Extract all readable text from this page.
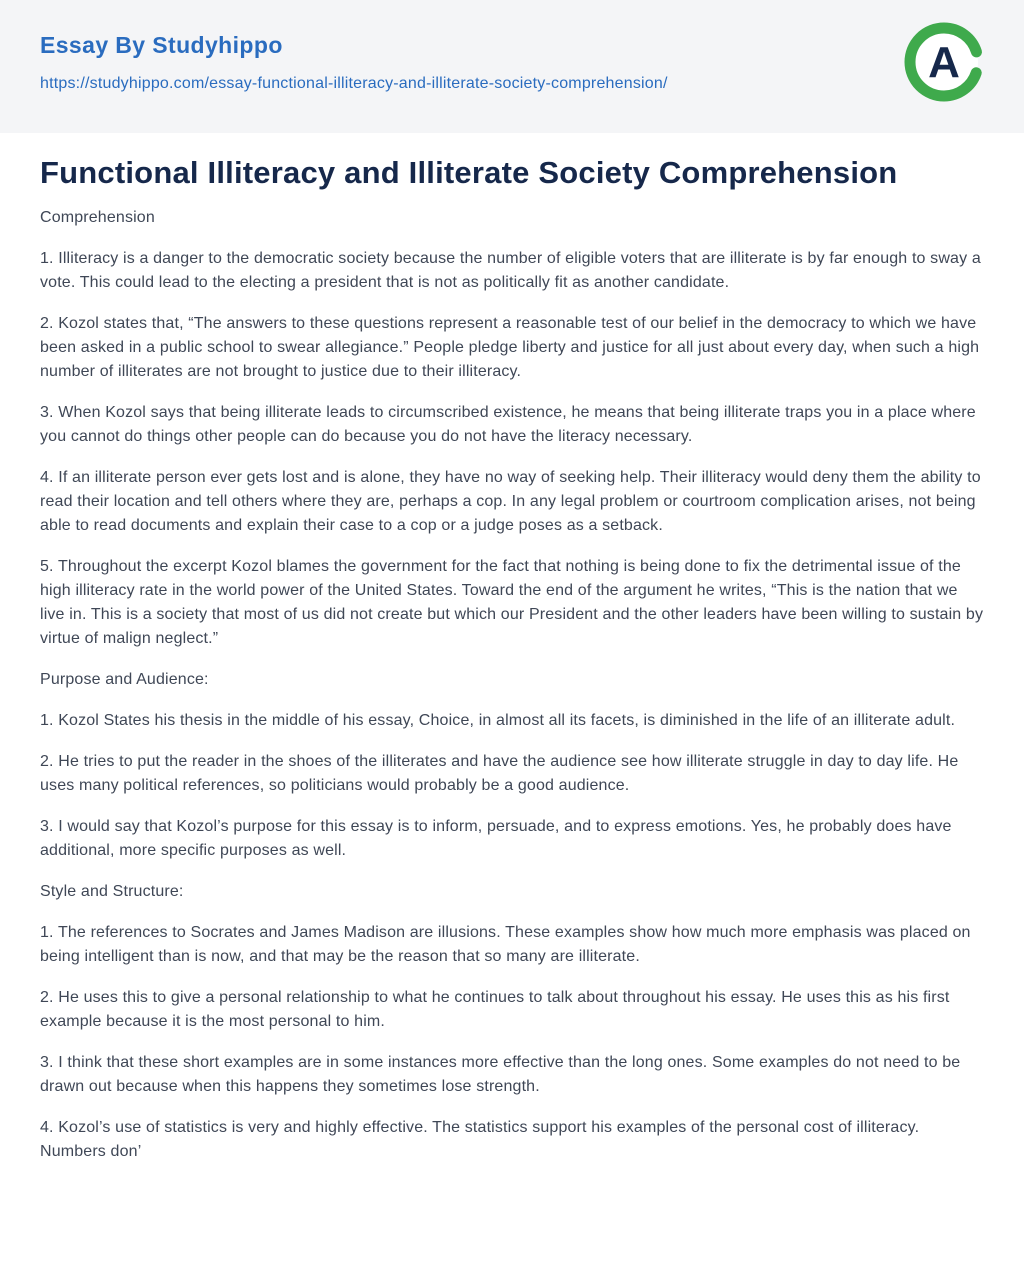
Essay By Studyhippo
https://studyhippo.com/essay-functional-illiteracy-and-illiterate-society-comprehension/	A
Functional Illiteracy and Illiterate Society Comprehension

Comprehension

1. Illiteracy is a danger to the democratic society because the number of eligible voters that are illiterate is by far enough to sway a vote. This could lead to the electing a president that is not as politically fit as another candidate.

2. Kozol states that, “The answers to these questions represent a reasonable test of our belief in the democracy to which we have been asked in a public school to swear allegiance.” People pledge liberty and justice for all just about every day, when such a high number of illiterates are not brought to justice due to their illiteracy.

3. When Kozol says that being illiterate leads to circumscribed existence, he means that being illiterate traps you in a place where you cannot do things other people can do because you do not have the literacy necessary.

4. If an illiterate person ever gets lost and is alone, they have no way of seeking help. Their illiteracy would deny them the ability to read their location and tell others where they are, perhaps a cop. In any legal problem or courtroom complication arises, not being able to read documents and explain their case to a cop or a judge poses as a setback.

5. Throughout the excerpt Kozol blames the government for the fact that nothing is being done to fix the detrimental issue of the high illiteracy rate in the world power of the United States. Toward the end of the argument he writes, “This is the nation that we live in. This is a society that most of us did not create but which our President and the other leaders have been willing to sustain by virtue of malign neglect.”

Purpose and Audience:

1. Kozol States his thesis in the middle of his essay, Choice, in almost all its facets, is diminished in the life of an illiterate adult.

2. He tries to put the reader in the shoes of the illiterates and have the audience see how illiterate struggle in day to day life. He uses many political references, so politicians would probably be a good audience.

3. I would say that Kozol’s purpose for this essay is to inform, persuade, and to express emotions. Yes, he probably does have additional, more specific purposes as well.

Style and Structure:

1. The references to Socrates and James Madison are illusions. These examples show how much more emphasis was placed on being intelligent than is now, and that may be the reason that so many are illiterate.

2. He uses this to give a personal relationship to what he continues to talk about throughout his essay. He uses this as his first example because it is the most personal to him.

3. I think that these short examples are in some instances more effective than the long ones. Some examples do not need to be drawn out because when this happens they sometimes lose strength.

4. Kozol’s use of statistics is very and highly effective. The statistics support his examples of the personal cost of illiteracy. Numbers don’
